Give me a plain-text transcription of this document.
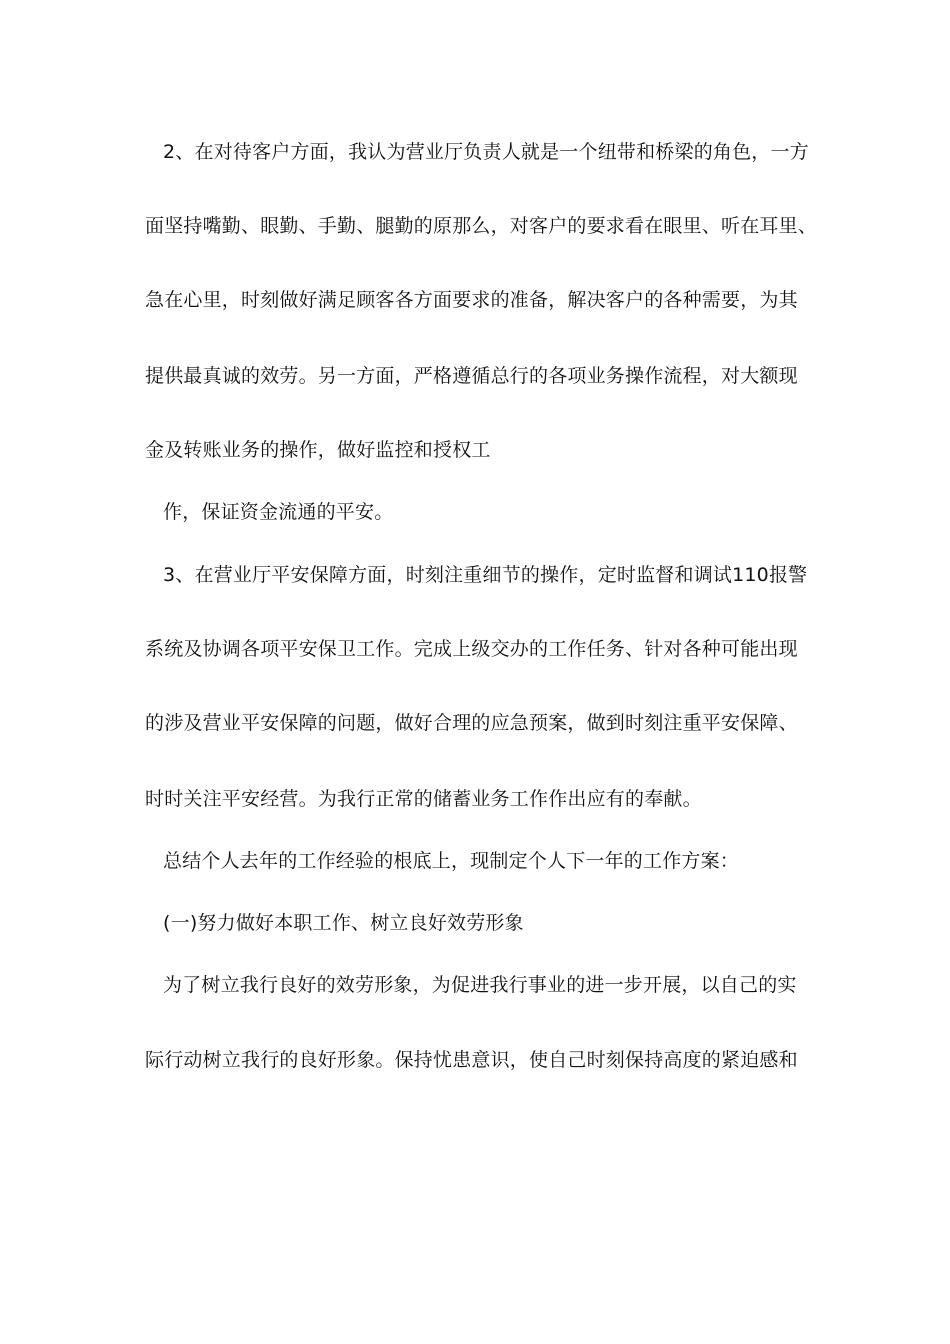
2、在对待客户方面，我认为营业厅负责人就是一个纽带和桥梁的角色，一方
面坚持嘴勤、眼勤、手勤、腿勤的原那么，对客户的要求看在眼里、听在耳里、
急在心里，时刻做好满足顾客各方面要求的准备，解决客户的各种需要，为其
提供最真诚的效劳。另一方面，严格遵循总行的各项业务操作流程，对大额现
金及转账业务的操作，做好监控和授权工
作，保证资金流通的平安。
3、在营业厅平安保障方面，时刻注重细节的操作，定时监督和调试110报警
系统及协调各项平安保卫工作。完成上级交办的工作任务、针对各种可能出现
的涉及营业平安保障的问题，做好合理的应急预案，做到时刻注重平安保障、
时时关注平安经营。为我行正常的储蓄业务工作作出应有的奉献。
总结个人去年的工作经验的根底上，现制定个人下一年的工作方案：
(一)努力做好本职工作、树立良好效劳形象
为了树立我行良好的效劳形象，为促进我行事业的进一步开展，以自己的实
际行动树立我行的良好形象。保持忧患意识，使自己时刻保持高度的紧迫感和
